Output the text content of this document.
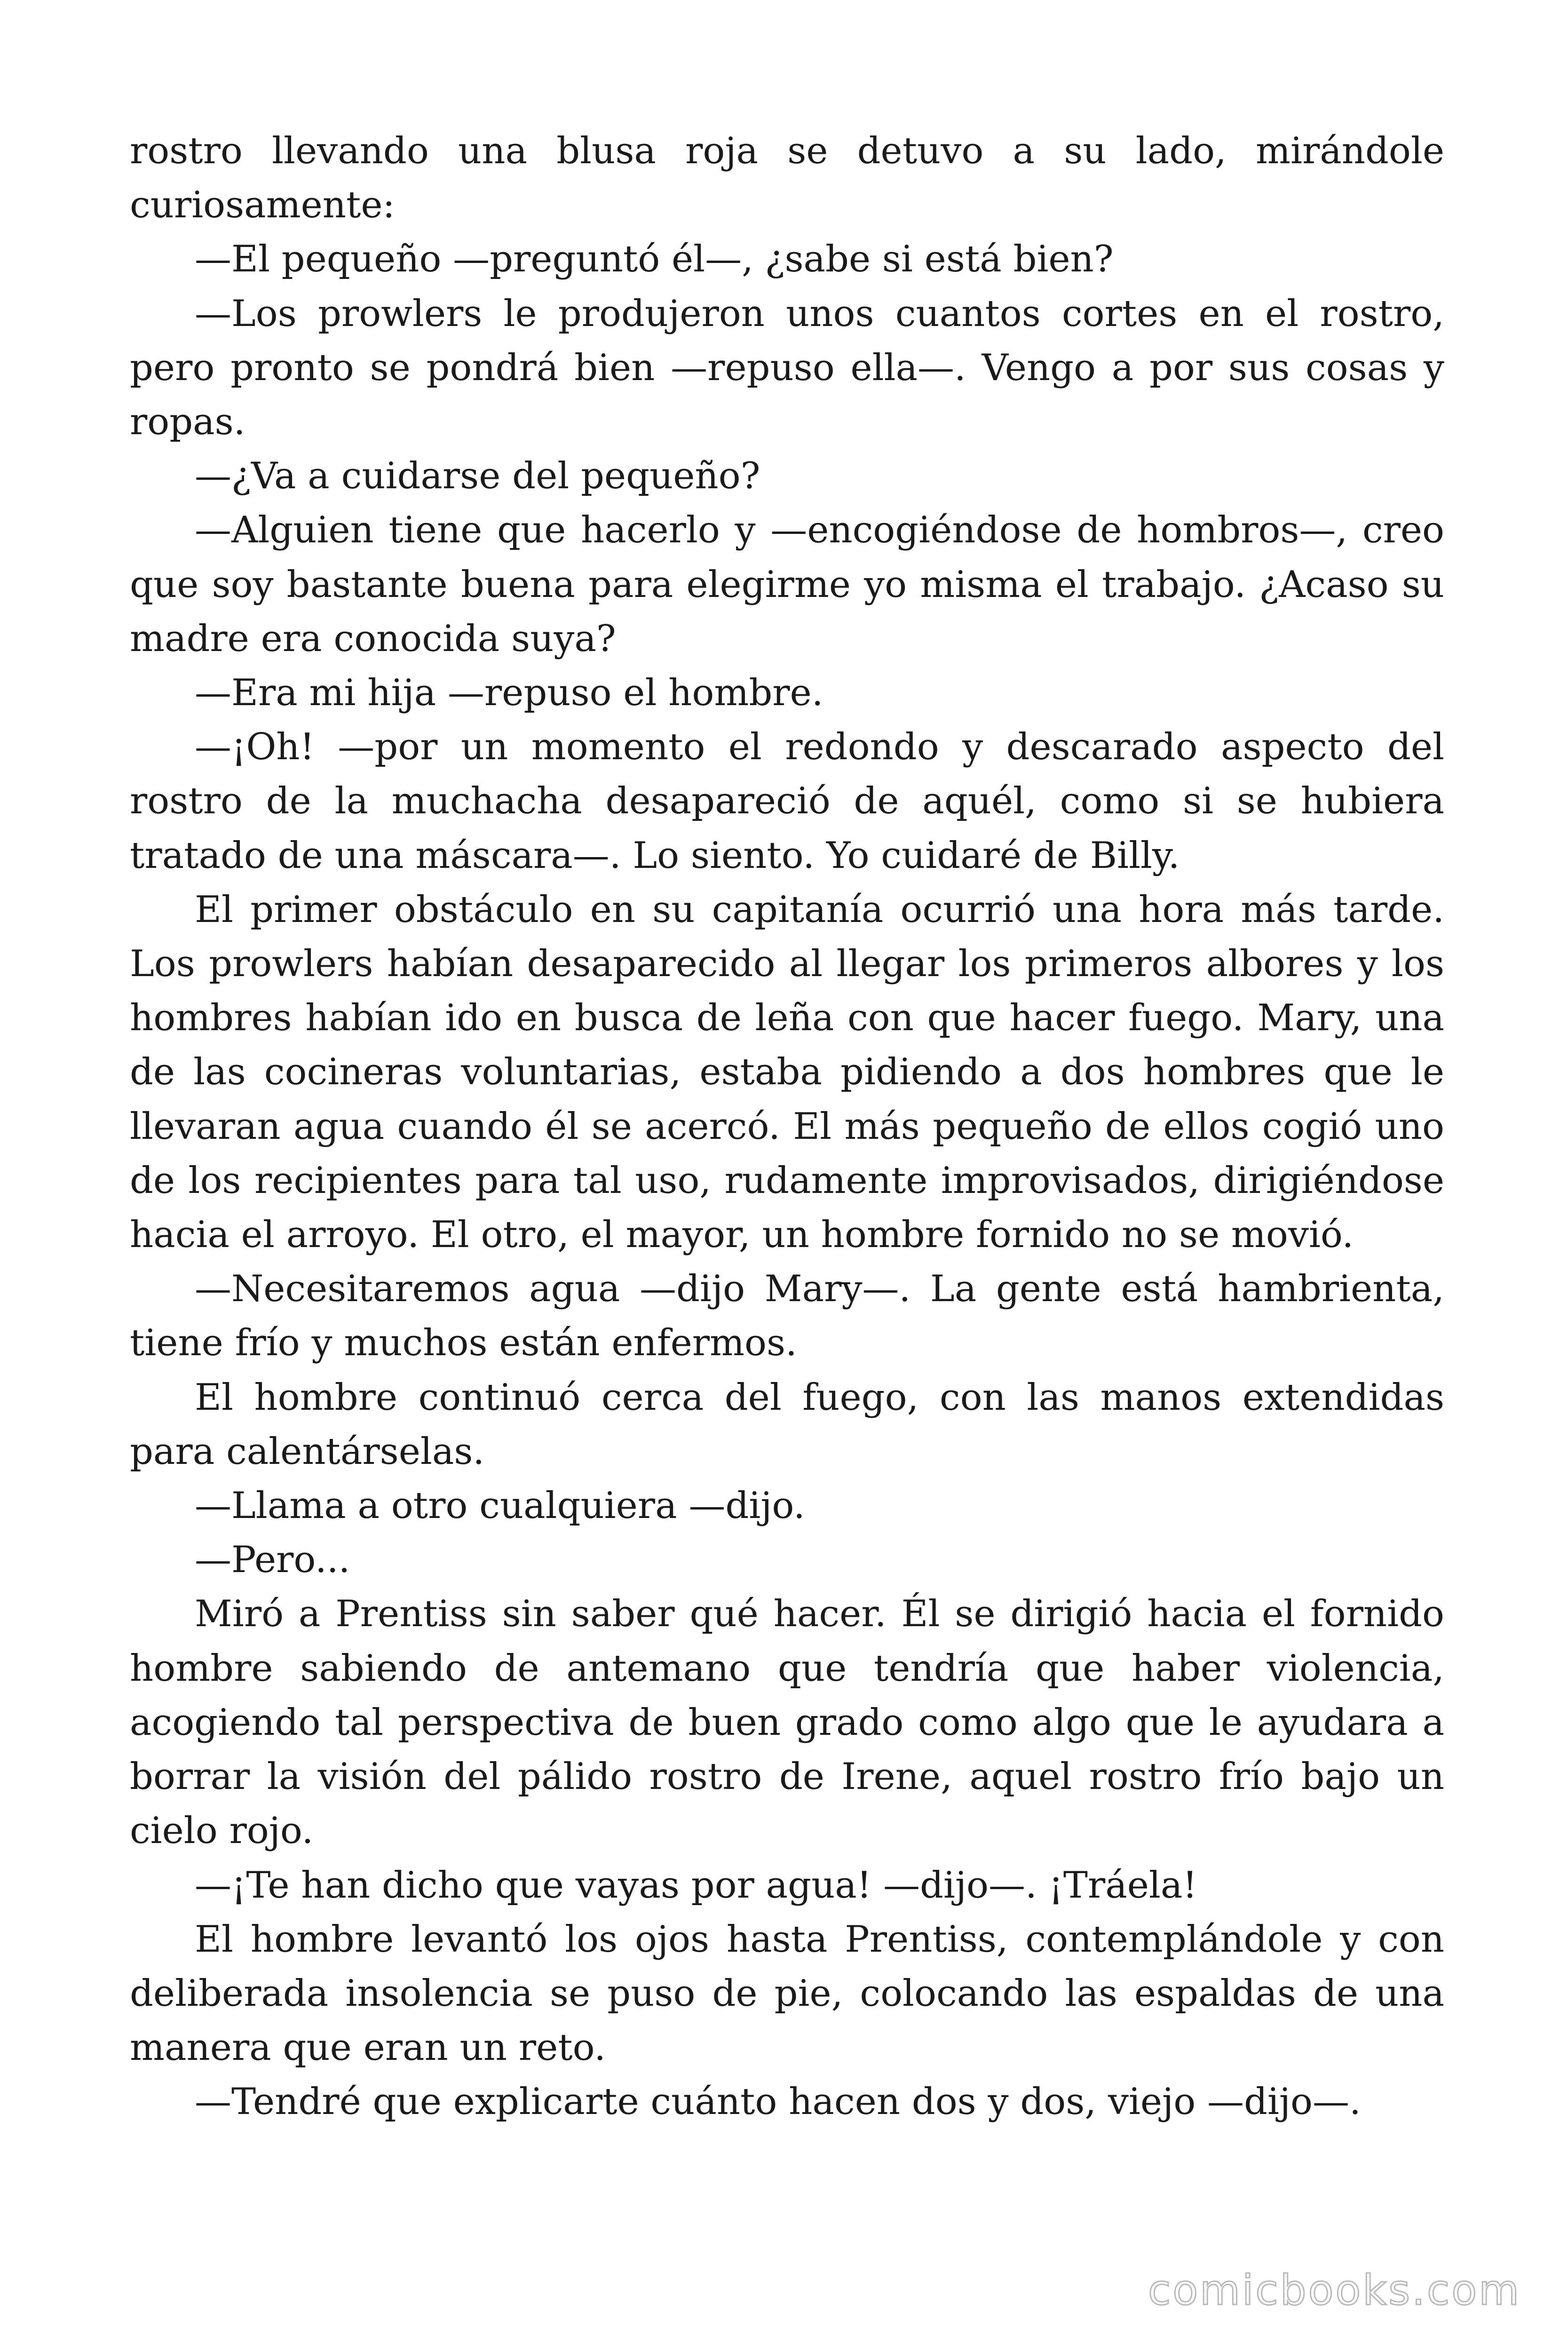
rostro llevando una blusa roja se detuvo a su lado, mirándole curiosamente:

—El pequeño —preguntó él—, ¿sabe si está bien?

—Los prowlers le produjeron unos cuantos cortes en el rostro, pero pronto se pondrá bien —repuso ella—. Vengo a por sus cosas y ropas.

—¿Va a cuidarse del pequeño?

—Alguien tiene que hacerlo y —encogiéndose de hombros—, creo que soy bastante buena para elegirme yo misma el trabajo. ¿Acaso su madre era conocida suya?

—Era mi hija —repuso el hombre.

—¡Oh! —por un momento el redondo y descarado aspecto del rostro de la muchacha desapareció de aquél, como si se hubiera tratado de una máscara—. Lo siento. Yo cuidaré de Billy.

El primer obstáculo en su capitanía ocurrió una hora más tarde. Los prowlers habían desaparecido al llegar los primeros albores y los hombres habían ido en busca de leña con que hacer fuego. Mary, una de las cocineras voluntarias, estaba pidiendo a dos hombres que le llevaran agua cuando él se acercó. El más pequeño de ellos cogió uno de los recipientes para tal uso, rudamente improvisados, dirigiéndose hacia el arroyo. El otro, el mayor, un hombre fornido no se movió.

—Necesitaremos agua —dijo Mary—. La gente está hambrienta, tiene frío y muchos están enfermos.

El hombre continuó cerca del fuego, con las manos extendidas para calentárselas.

—Llama a otro cualquiera —dijo.

—Pero...

Miró a Prentiss sin saber qué hacer. Él se dirigió hacia el fornido hombre sabiendo de antemano que tendría que haber violencia, acogiendo tal perspectiva de buen grado como algo que le ayudara a borrar la visión del pálido rostro de Irene, aquel rostro frío bajo un cielo rojo.

—¡Te han dicho que vayas por agua! —dijo—. ¡Tráela!

El hombre levantó los ojos hasta Prentiss, contemplándole y con deliberada insolencia se puso de pie, colocando las espaldas de una manera que eran un reto.

—Tendré que explicarte cuánto hacen dos y dos, viejo —dijo—.

comicbooks.com
